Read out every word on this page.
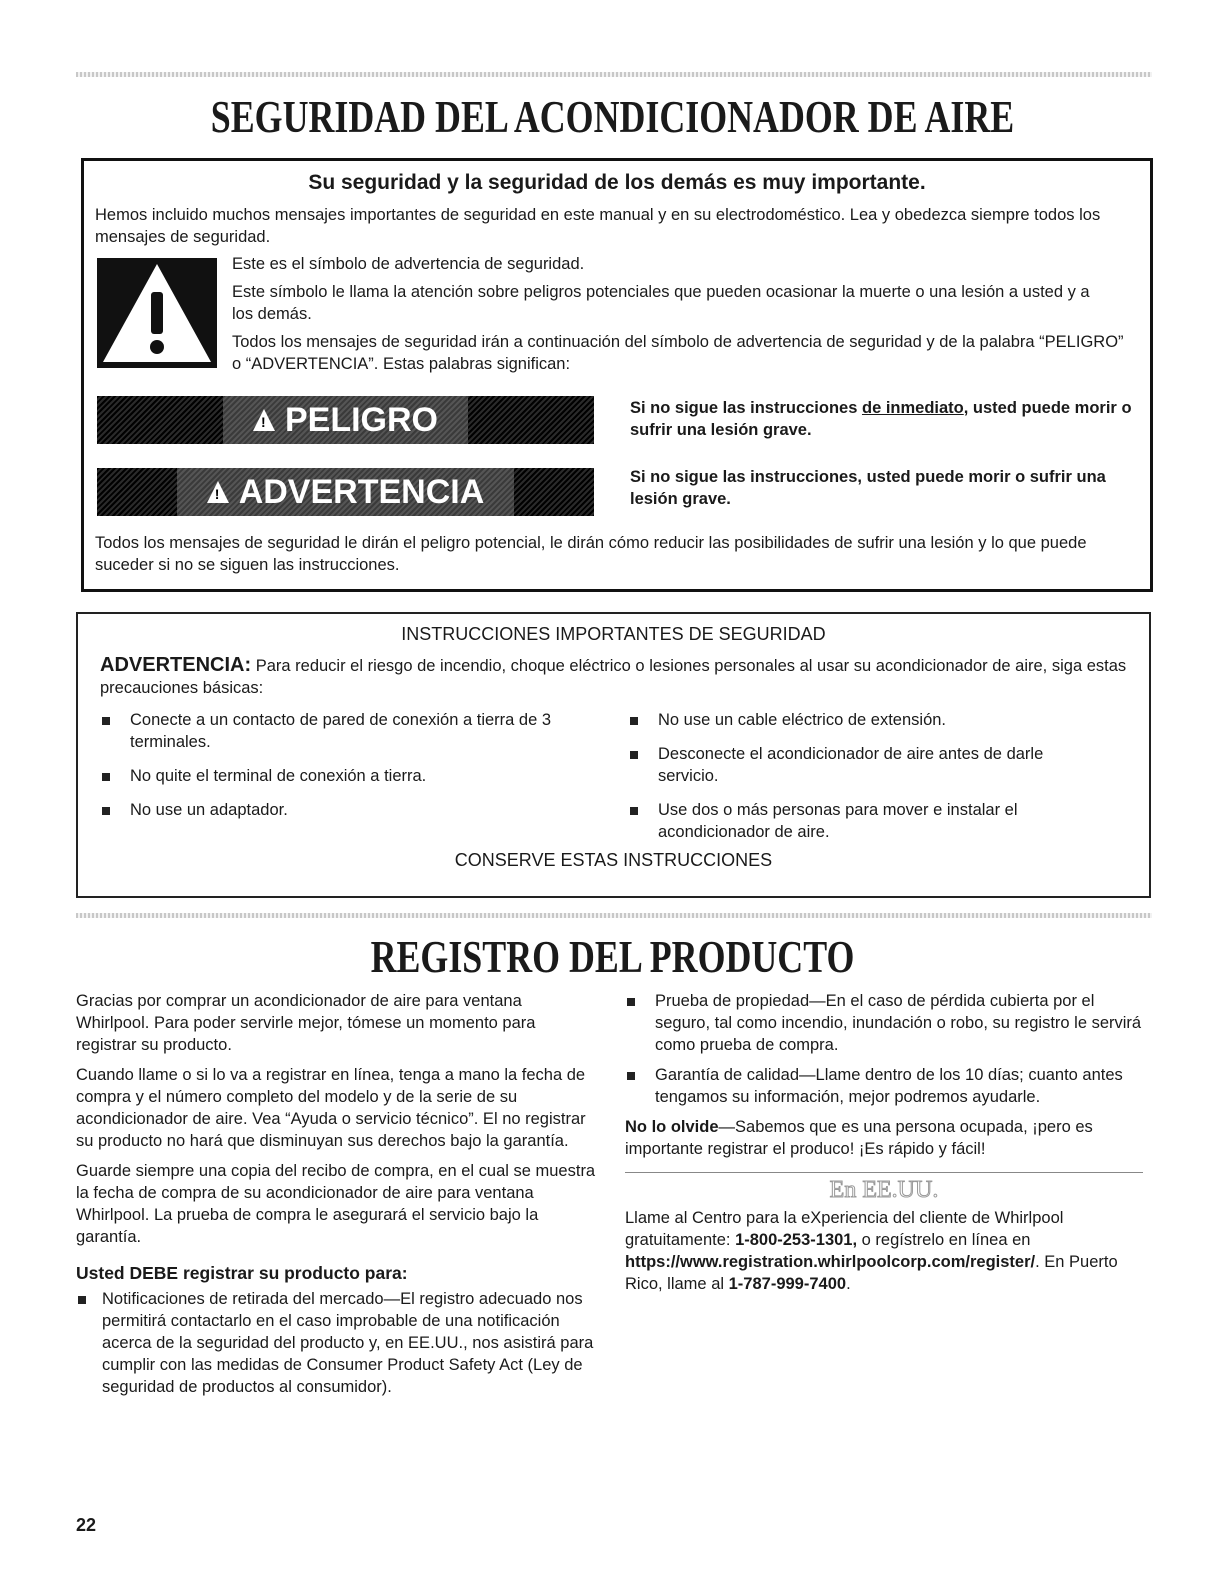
SEGURIDAD DEL ACONDICIONADOR DE AIRE
Su seguridad y la seguridad de los demás es muy importante.
Hemos incluido muchos mensajes importantes de seguridad en este manual y en su electrodoméstico. Lea y obedezca siempre todos los mensajes de seguridad.
Este es el símbolo de advertencia de seguridad.
Este símbolo le llama la atención sobre peligros potenciales que pueden ocasionar la muerte o una lesión a usted y a los demás.
Todos los mensajes de seguridad irán a continuación del símbolo de advertencia de seguridad y de la palabra “PELIGRO” o “ADVERTENCIA”. Estas palabras significan:
!
PELIGRO	Si no sigue las instrucciones de inmediato, usted puede morir o sufrir una lesión grave.
!
ADVERTENCIA	Si no sigue las instrucciones, usted puede morir o sufrir una lesión grave.
Todos los mensajes de seguridad le dirán el peligro potencial, le dirán cómo reducir las posibilidades de sufrir una lesión y lo que puede suceder si no se siguen las instrucciones.
INSTRUCCIONES IMPORTANTES DE SEGURIDAD
ADVERTENCIA: Para reducir el riesgo de incendio, choque eléctrico o lesiones personales al usar su acondicionador de aire, siga estas precauciones básicas:
Conecte a un contacto de pared de conexión a tierra de 3 terminales.
No quite el terminal de conexión a tierra.
No use un adaptador.
No use un cable eléctrico de extensión.
Desconecte el acondicionador de aire antes de darle servicio.
Use dos o más personas para mover e instalar el acondicionador de aire.
CONSERVE ESTAS INSTRUCCIONES
REGISTRO DEL PRODUCTO

Gracias por comprar un acondicionador de aire para ventana Whirlpool. Para poder servirle mejor, tómese un momento para registrar su producto.

Cuando llame o si lo va a registrar en línea, tenga a mano la fecha de compra y el número completo del modelo y de la serie de su acondicionador de aire. Vea “Ayuda o servicio técnico”. El no registrar su producto no hará que disminuyan sus derechos bajo la garantía.

Guarde siempre una copia del recibo de compra, en el cual se muestra la fecha de compra de su acondicionador de aire para ventana Whirlpool. La prueba de compra le asegurará el servicio bajo la garantía.

Usted DEBE registrar su producto para:
Notificaciones de retirada del mercado—El registro adecuado nos permitirá contactarlo en el caso improbable de una notificación acerca de la seguridad del producto y, en EE.UU., nos asistirá para cumplir con las medidas de Consumer Product Safety Act (Ley de seguridad de productos al consumidor).
Prueba de propiedad—En el caso de pérdida cubierta por el seguro, tal como incendio, inundación o robo, su registro le servirá como prueba de compra.
Garantía de calidad—Llame dentro de los 10 días; cuanto antes tengamos su información, mejor podremos ayudarle.

No lo olvide—Sabemos que es una persona ocupada, ¡pero es importante registrar el produco! ¡Es rápido y fácil!

En EE.UU.

Llame al Centro para la eXperiencia del cliente de Whirlpool gratuitamente: 1-800-253-1301, o regístrelo en línea en https://www.registration.whirlpoolcorp.com/register/. En Puerto Rico, llame al 1-787-999-7400.

22
